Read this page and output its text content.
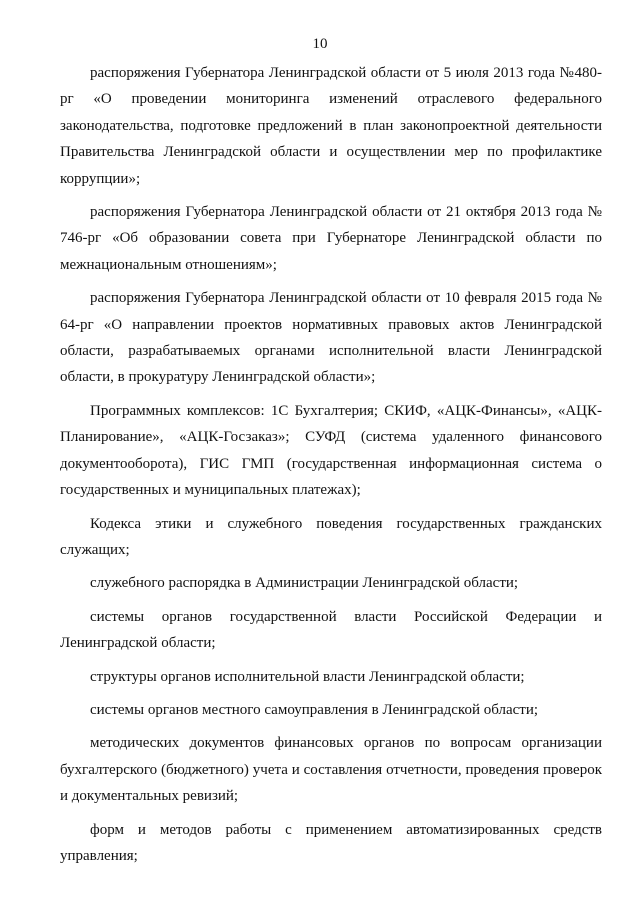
10

распоряжения Губернатора Ленинградской области от 5 июля 2013 года №480-рг «О проведении мониторинга изменений отраслевого федерального законодательства, подготовке предложений в план законопроектной деятельности Правительства Ленинградской области и осуществлении мер по профилактике коррупции»;

распоряжения Губернатора Ленинградской области от 21 октября 2013 года № 746-рг «Об образовании совета при Губернаторе Ленинградской области по межнациональным отношениям»;

распоряжения Губернатора Ленинградской области от 10 февраля 2015 года № 64-рг «О направлении проектов нормативных правовых актов Ленинградской области, разрабатываемых органами исполнительной власти Ленинградской области, в прокуратуру Ленинградской области»;

Программных комплексов: 1С Бухгалтерия; СКИФ, «АЦК-Финансы», «АЦК-Планирование», «АЦК-Госзаказ»; СУФД (система удаленного финансового документооборота), ГИС ГМП (государственная информационная система о государственных и муниципальных платежах);

Кодекса этики и служебного поведения государственных гражданских служащих;

служебного распорядка в Администрации Ленинградской области;

системы органов государственной власти Российской Федерации и Ленинградской области;

структуры органов исполнительной власти Ленинградской области;

системы органов местного самоуправления в Ленинградской области;

методических документов финансовых органов по вопросам организации бухгалтерского (бюджетного) учета и составления отчетности, проведения проверок и документальных ревизий;

форм и методов работы с применением автоматизированных средств управления;
